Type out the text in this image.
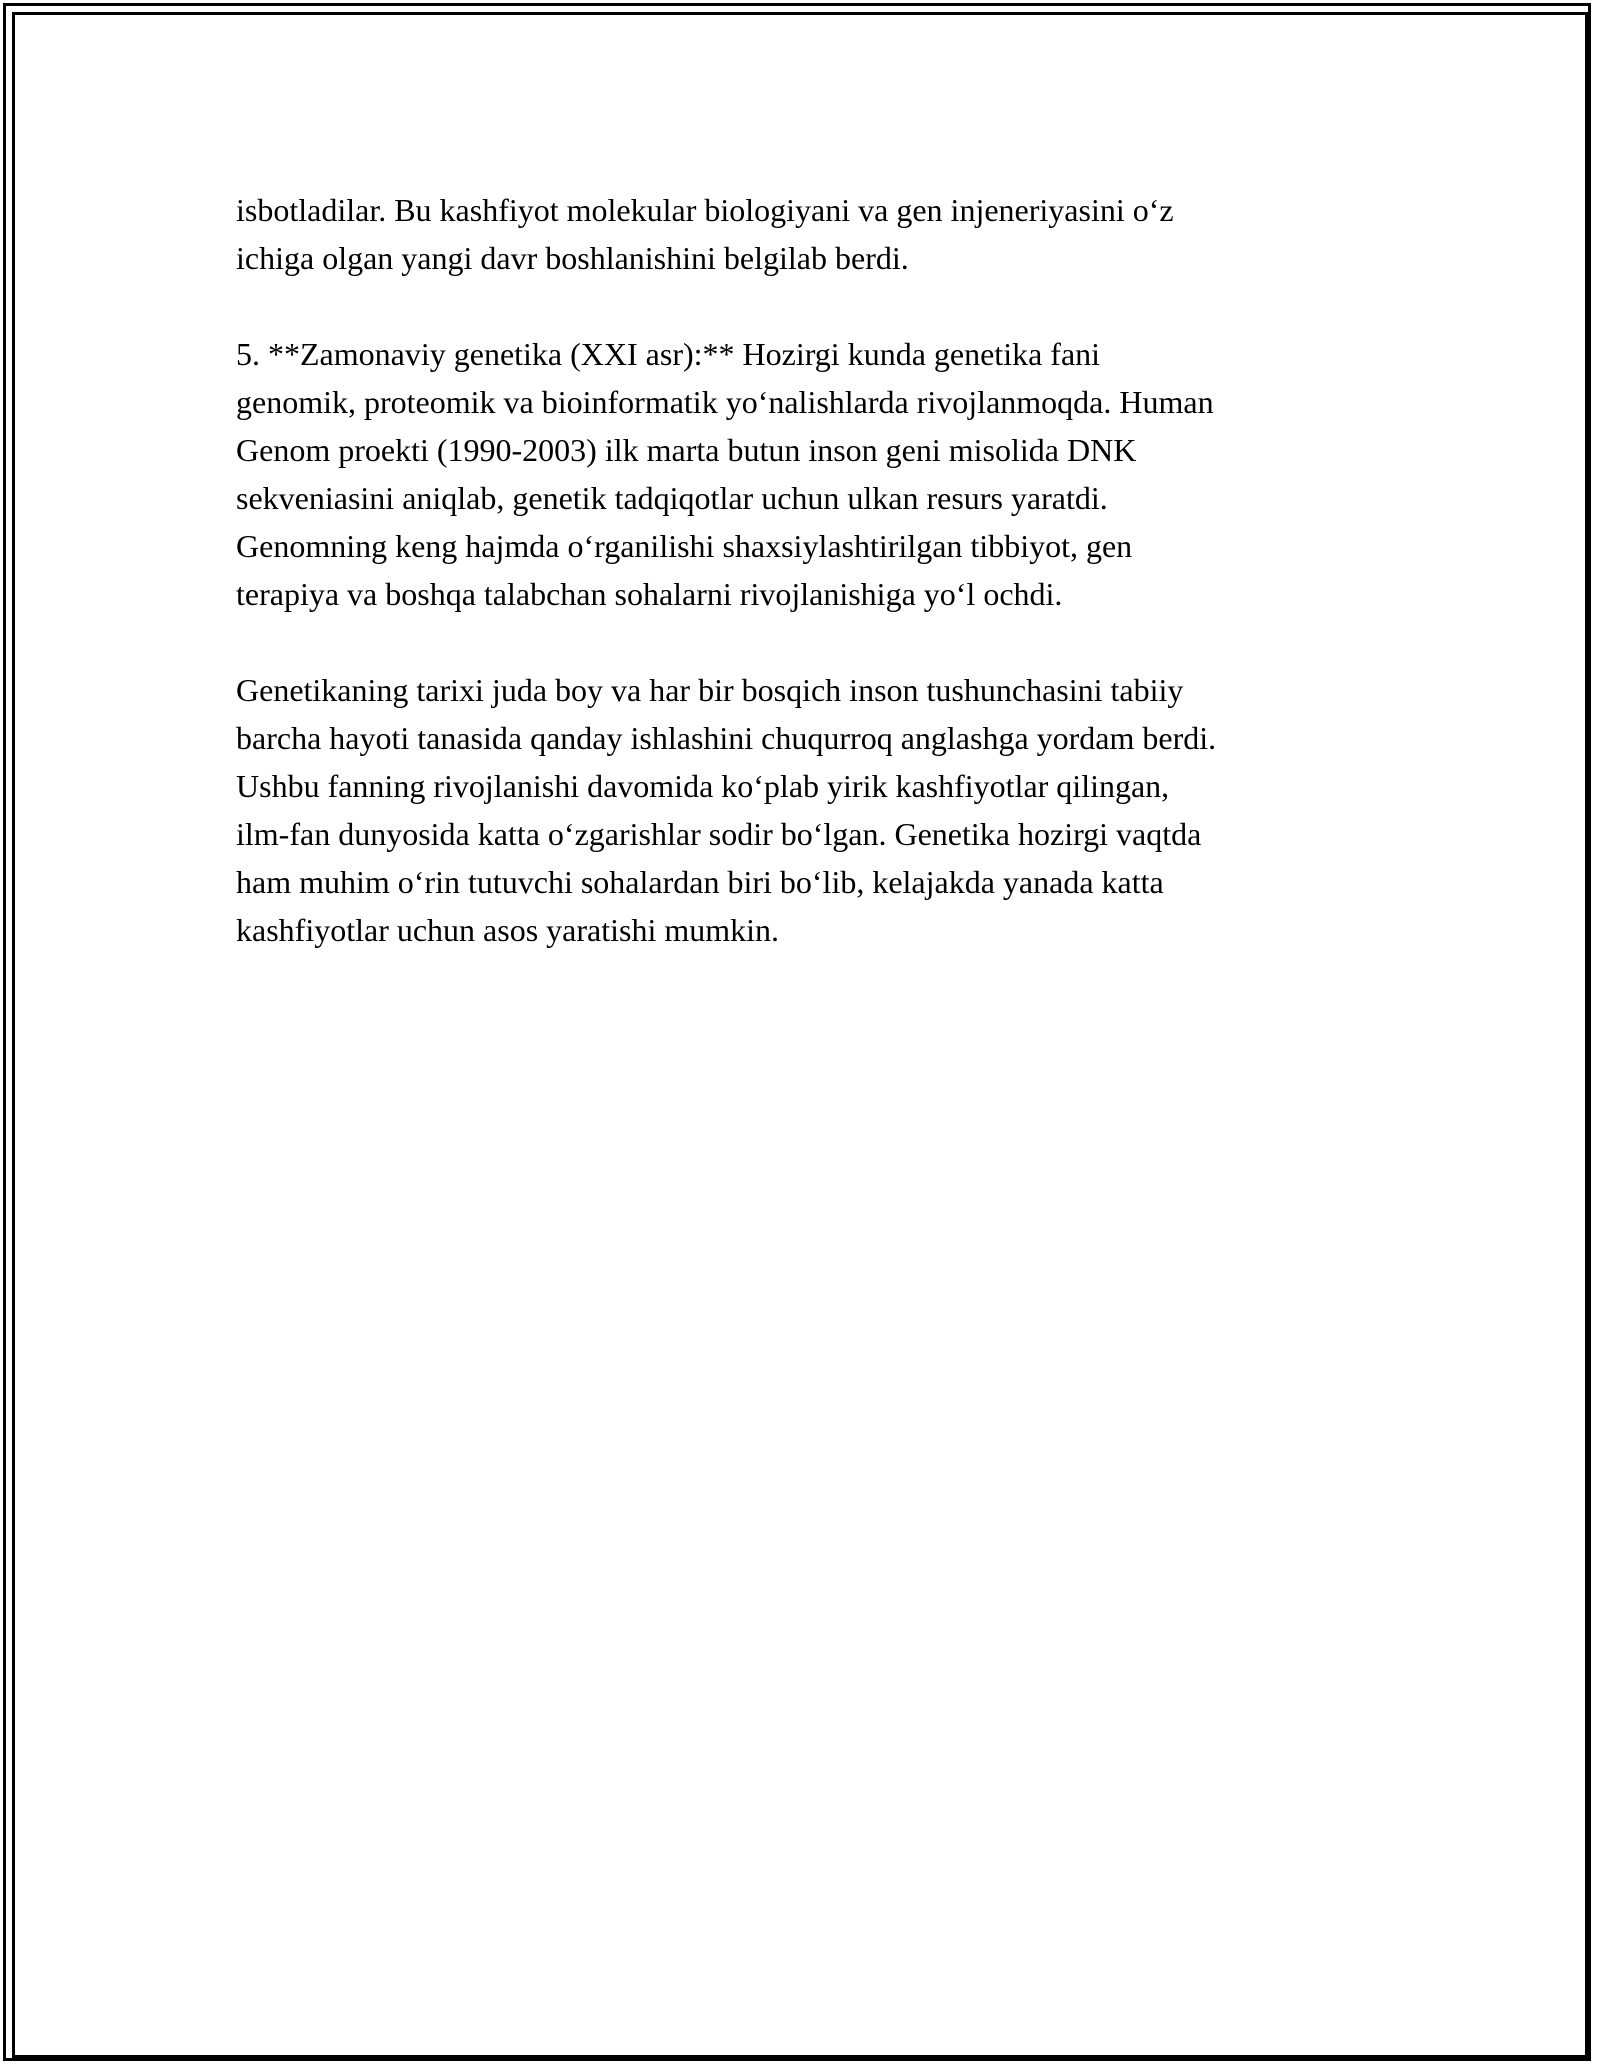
isbotladilar. Bu kashfiyot molekular biologiyani va gen injeneriyasini o‘z
ichiga olgan yangi davr boshlanishini belgilab berdi.

5. **Zamonaviy genetika (XXI asr):** Hozirgi kunda genetika fani
genomik, proteomik va bioinformatik yo‘nalishlarda rivojlanmoqda. Human
Genom proekti (1990-2003) ilk marta butun inson geni misolida DNK
sekveniasini aniqlab, genetik tadqiqotlar uchun ulkan resurs yaratdi.
Genomning keng hajmda o‘rganilishi shaxsiylashtirilgan tibbiyot, gen
terapiya va boshqa talabchan sohalarni rivojlanishiga yo‘l ochdi.

Genetikaning tarixi juda boy va har bir bosqich inson tushunchasini tabiiy
barcha hayoti tanasida qanday ishlashini chuqurroq anglashga yordam berdi.
Ushbu fanning rivojlanishi davomida ko‘plab yirik kashfiyotlar qilingan,
ilm-fan dunyosida katta o‘zgarishlar sodir bo‘lgan. Genetika hozirgi vaqtda
ham muhim o‘rin tutuvchi sohalardan biri bo‘lib, kelajakda yanada katta
kashfiyotlar uchun asos yaratishi mumkin.
